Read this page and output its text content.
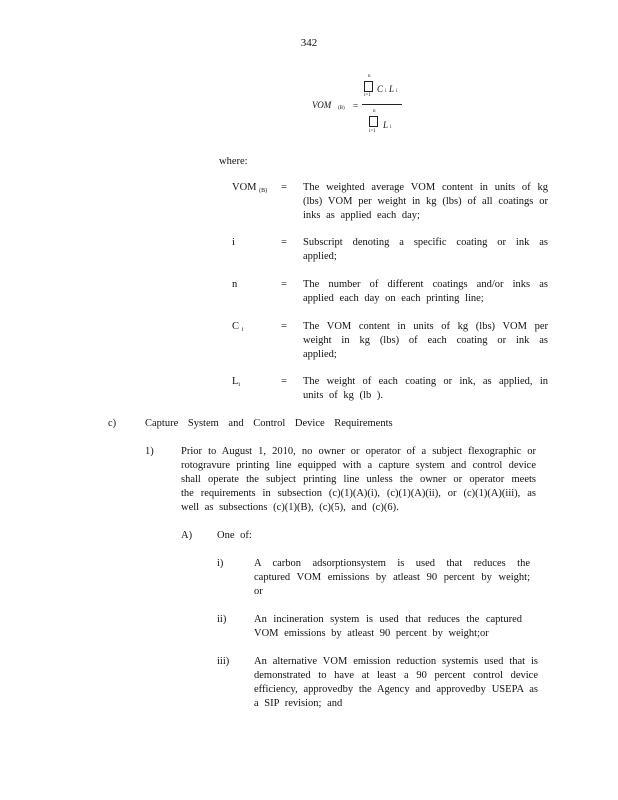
342
VOM (B) =
n
i=1
C i L i
n
i=1
L i
where:
VOM $_{(B)}$ = The weighted average VOM content in units of kg (lbs) VOM per weight in kg (lbs) of all coatings or inks as applied each day;
i	= Subscript denoting a specific coating or ink as applied;
n	= The number of different coatings and/or inks as applied each day on each printing line;
C $_i$	= The VOM content in units of kg (lbs) VOM per weight in kg (lbs) of each coating or ink as applied;
$L_i$	= The weight of each coating or ink, as applied, in units of kg (lb ).
c)	Capture System and Control Device Requirements
1)	Prior to August 1, 2010, no owner or operator of a subject flexographic or rotogravure printing line equipped with a capture system and control device shall operate the subject printing line unless the owner or operator meets the requirements in subsection (c)(1)(A)(i), (c)(1)(A)(ii), or (c)(1)(A)(iii), as well as subsections (c)(1)(B), (c)(5), and (c)(6).
A) One of:
i)	A carbon adsorptionsystem is used that reduces the captured VOM emissions by atleast 90 percent by weight; or
ii)	An incineration system is used that reduces the captured VOM emissions by atleast 90 percent by weight;or
iii) An alternative VOM emission reduction systemis used that is demonstrated to have at least a 90 percent control device efficiency, approvedby the Agency and approvedby USEPA as a SIP revision; and
